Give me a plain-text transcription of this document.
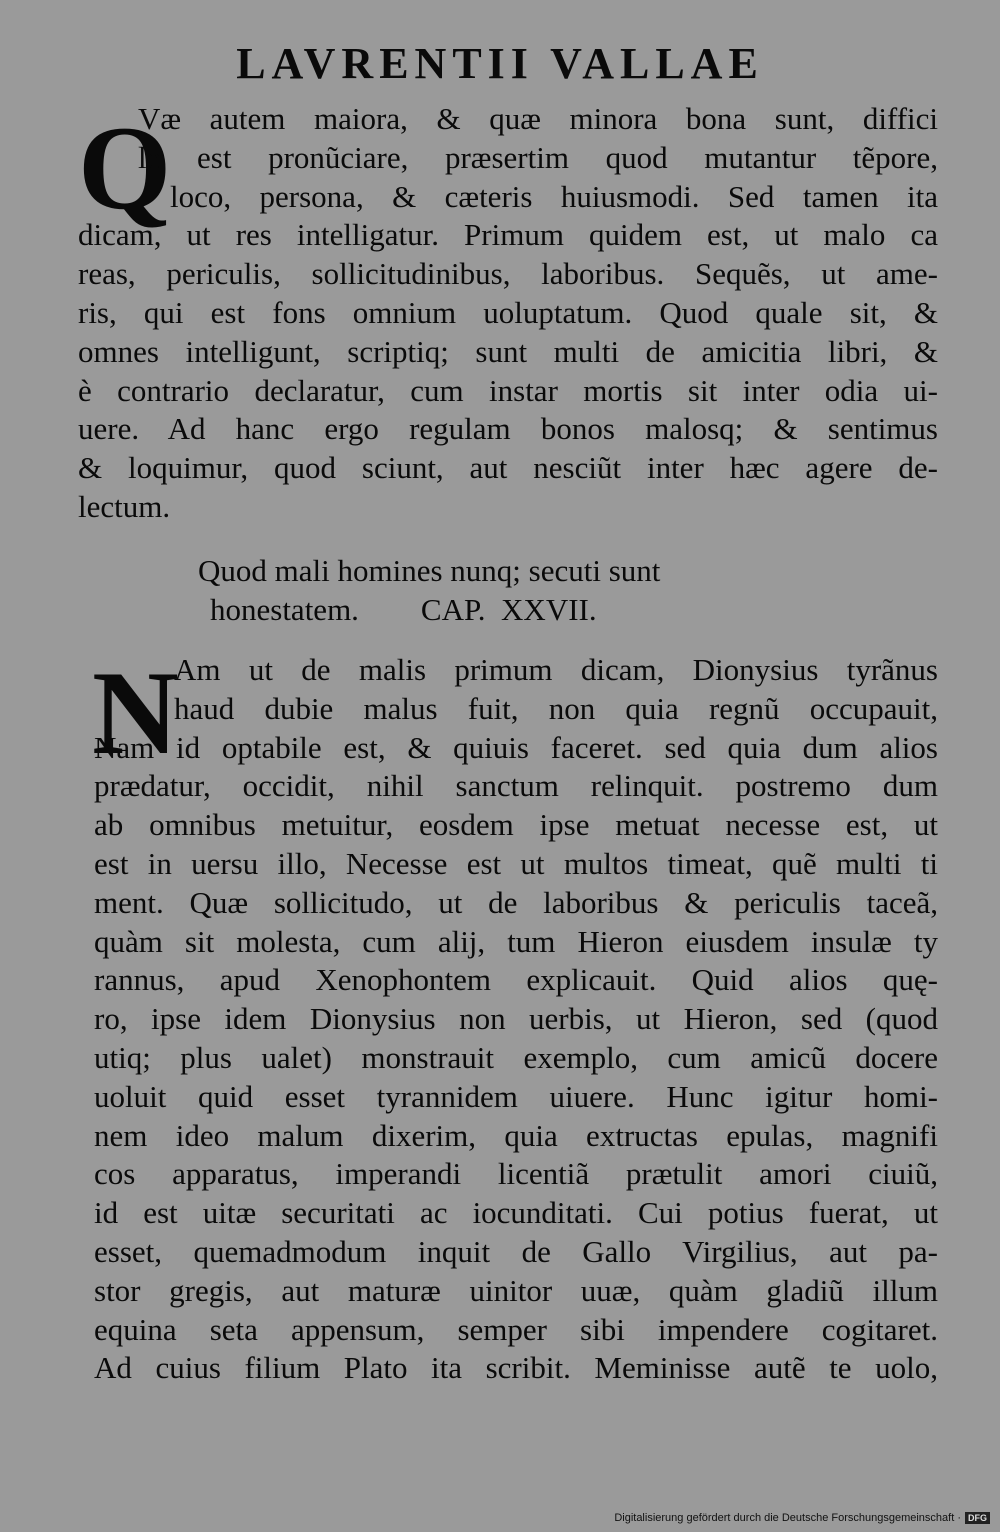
LAVRENTII VALLAE
Q
Væ autem maiora, & quæ minora bona sunt, diffici
le est pronũciare, præsertim quod mutantur tẽpore,
loco, persona, & cæteris huiusmodi. Sed tamen ita
dicam, ut res intelligatur. Primum quidem est, ut malo ca
reas, periculis, sollicitudinibus, laboribus. Sequẽs, ut ame-
ris, qui est fons omnium uoluptatum. Quod quale sit, &
omnes intelligunt, scriptiq; sunt multi de amicitia libri, &
è contrario declaratur, cum instar mortis sit inter odia ui-
uere. Ad hanc ergo regulam bonos malosq; & sentimus
& loquimur, quod sciunt, aut nesciũt inter hæc agere de-
lectum.
Quod mali homines nunq; secuti sunt
honestatem.        CAP.  XXVII.
N
Am ut de malis primum dicam, Dionysius tyrãnus
haud dubie malus fuit, non quia regnũ occupauit,
Nam id optabile est, & quiuis faceret. sed quia dum alios
prædatur, occidit, nihil sanctum relinquit. postremo dum
ab omnibus metuitur, eosdem ipse metuat necesse est, ut
est in uersu illo, Necesse est ut multos timeat, quẽ multi ti
ment. Quæ sollicitudo, ut de laboribus & periculis taceã,
quàm sit molesta, cum alij, tum Hieron eiusdem insulæ ty
rannus, apud Xenophontem explicauit. Quid alios quę-
ro, ipse idem Dionysius non uerbis, ut Hieron, sed (quod
utiq; plus ualet) monstrauit exemplo, cum amicũ docere
uoluit quid esset tyrannidem uiuere. Hunc igitur homi-
nem ideo malum dixerim, quia extructas epulas, magnifi
cos apparatus, imperandi licentiã prætulit amori ciuiũ,
id est uitæ securitati ac iocunditati. Cui potius fuerat, ut
esset, quemadmodum inquit de Gallo Virgilius, aut pa-
stor gregis, aut maturæ uinitor uuæ, quàm gladiũ illum
equina seta appensum, semper sibi impendere cogitaret.
Ad cuius filium Plato ita scribit. Meminisse autẽ te uolo,
Digitalisierung gefördert durch die Deutsche Forschungsgemeinschaft · DFG
